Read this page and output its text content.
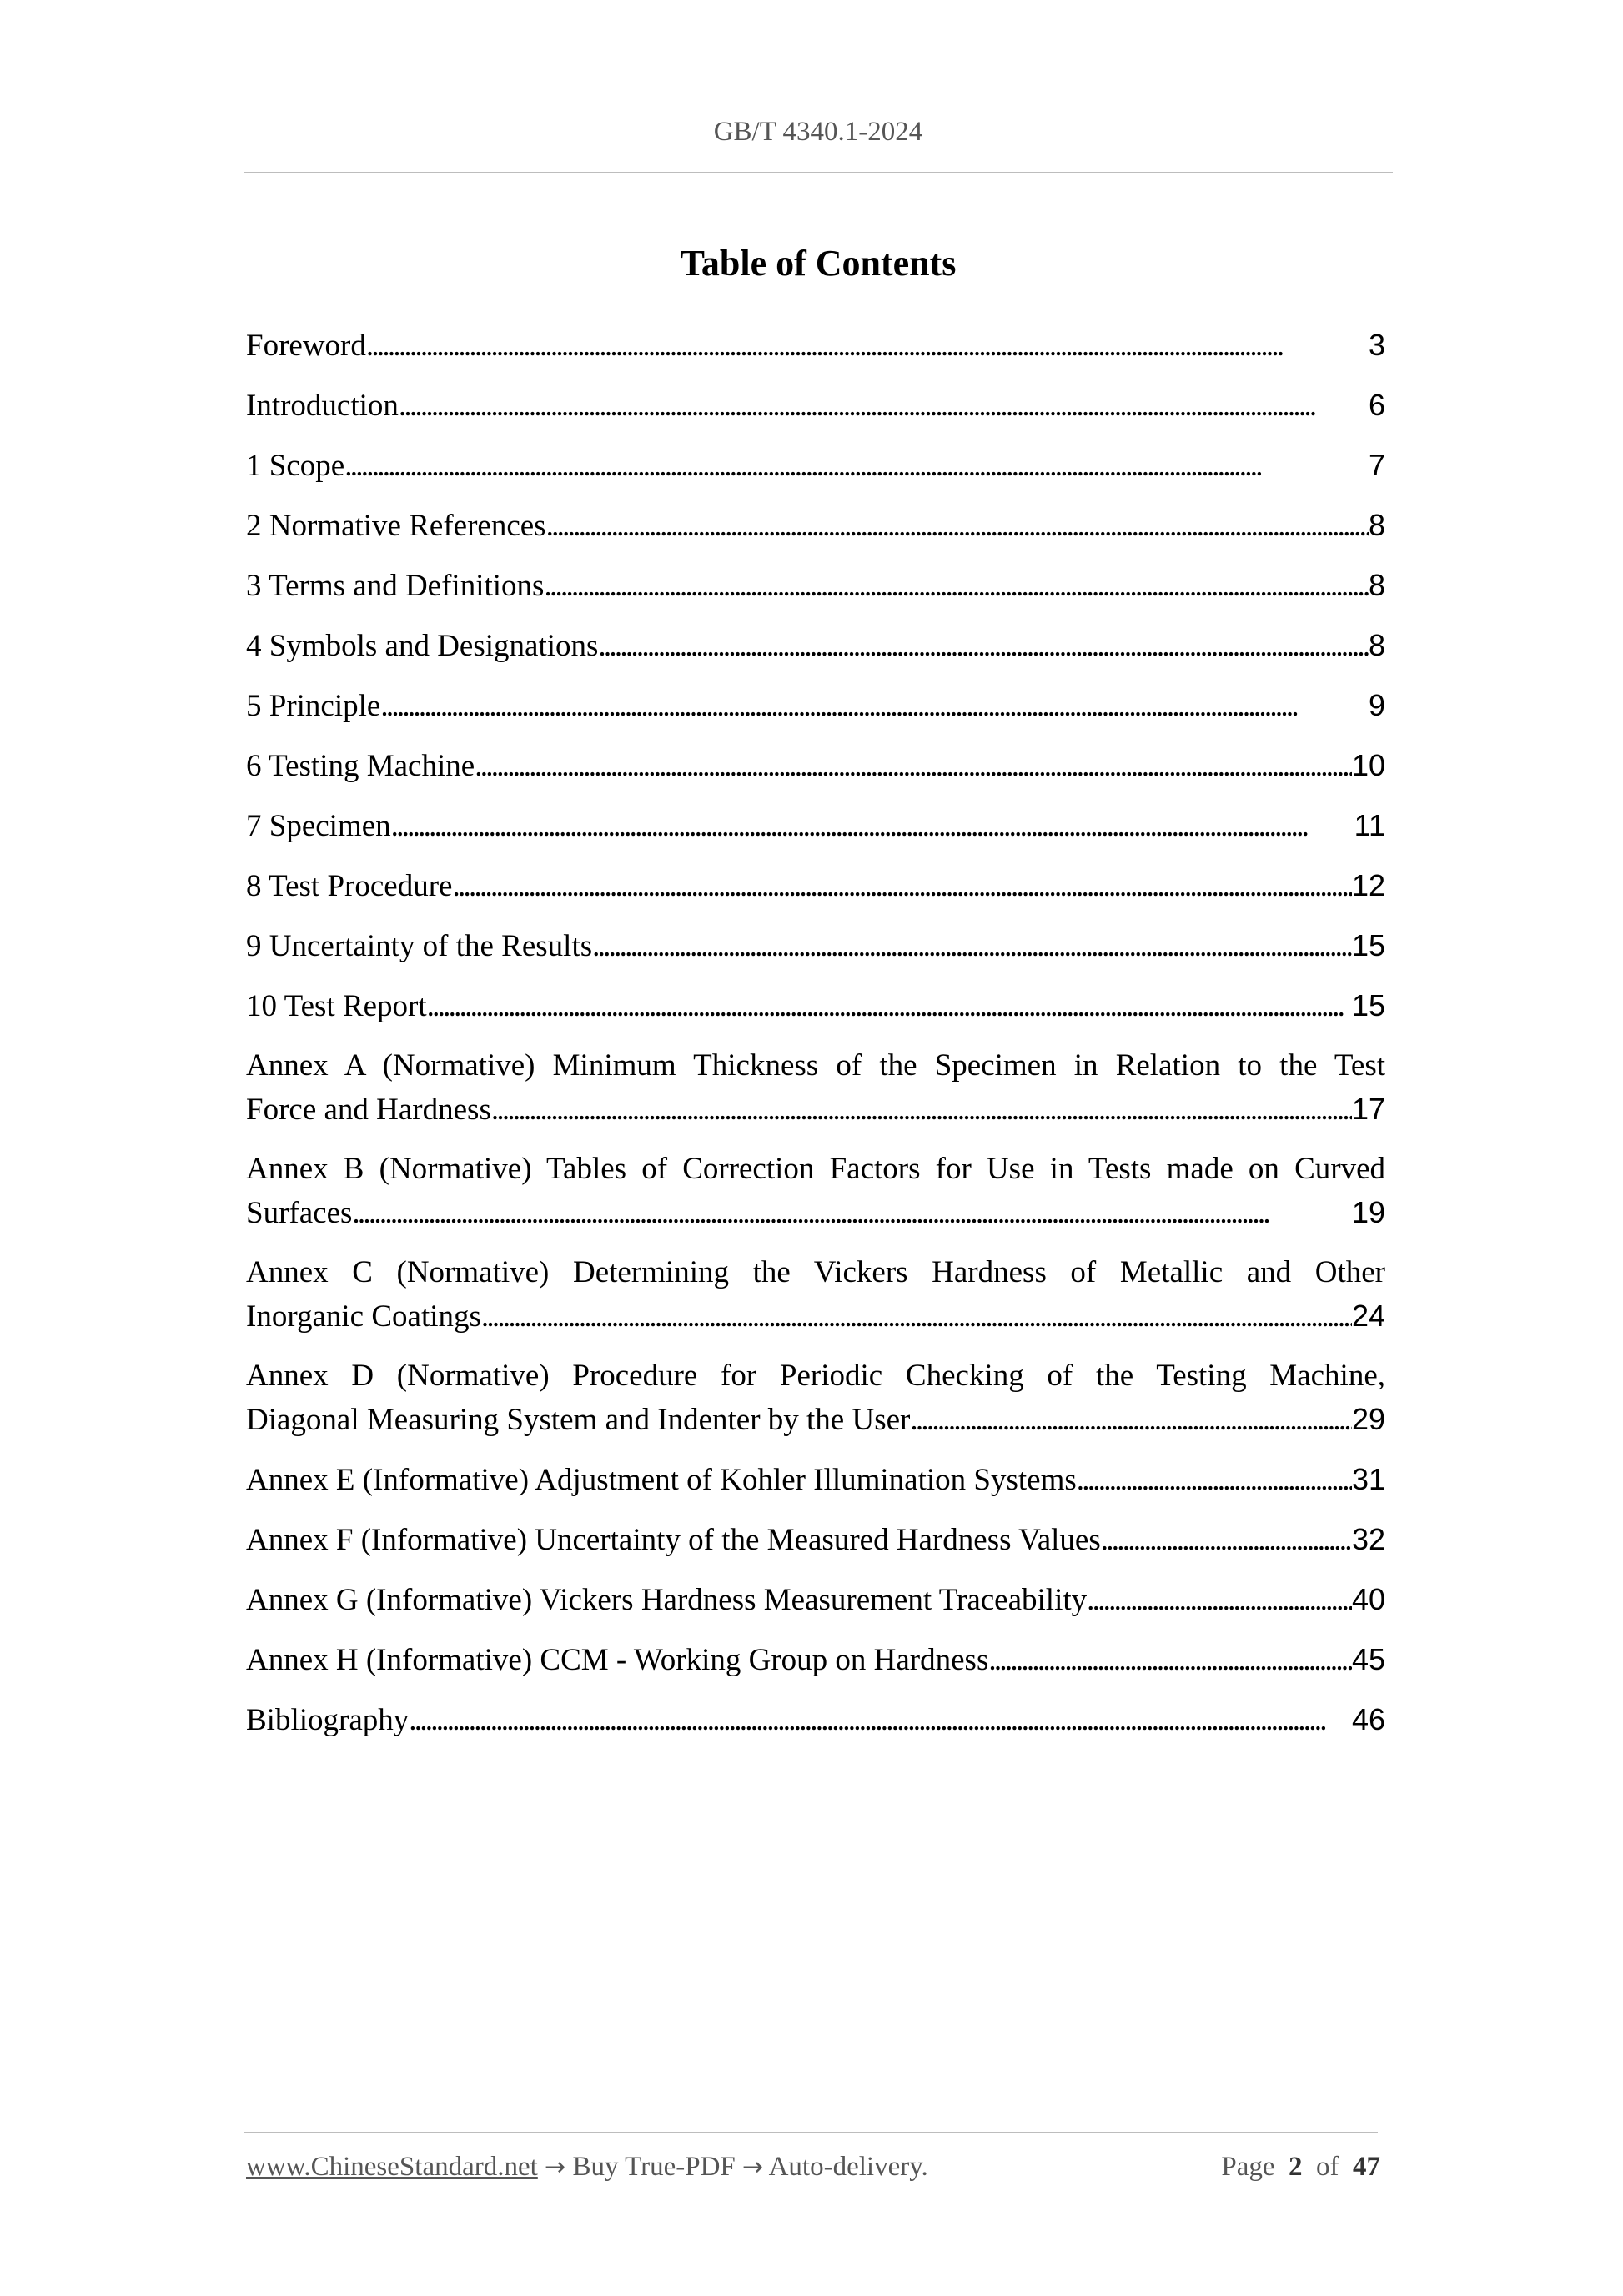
GB/T 4340.1-2024
Table of Contents
Foreword . . .	3
Introduction . . .	6
1 Scope . . .	7
2 Normative References . . .	8
3 Terms and Definitions . . .	8
4 Symbols and Designations . . .	8
5 Principle . . .	9
6 Testing Machine . . .	10
7 Specimen . . .	11
8 Test Procedure . . .	12
9 Uncertainty of the Results . . .	15
10 Test Report . . .	15
Annex A (Normative) Minimum Thickness of the Specimen in Relation to the Test
Force and Hardness . . .	17
Annex B (Normative) Tables of Correction Factors for Use in Tests made on Curved
Surfaces . . .	19
Annex C (Normative) Determining the Vickers Hardness of Metallic and Other
Inorganic Coatings . . .	24
Annex D (Normative) Procedure for Periodic Checking of the Testing Machine,
Diagonal Measuring System and Indenter by the User . . .	29
Annex E (Informative) Adjustment of Kohler Illumination Systems . . .	31
Annex F (Informative) Uncertainty of the Measured Hardness Values . . .	32
Annex G (Informative) Vickers Hardness Measurement Traceability . . .	40
Annex H (Informative) CCM - Working Group on Hardness . . .	45
Bibliography . . .	46
www.ChineseStandard.net → Buy True-PDF → Auto-delivery.	Page 2 of 47
